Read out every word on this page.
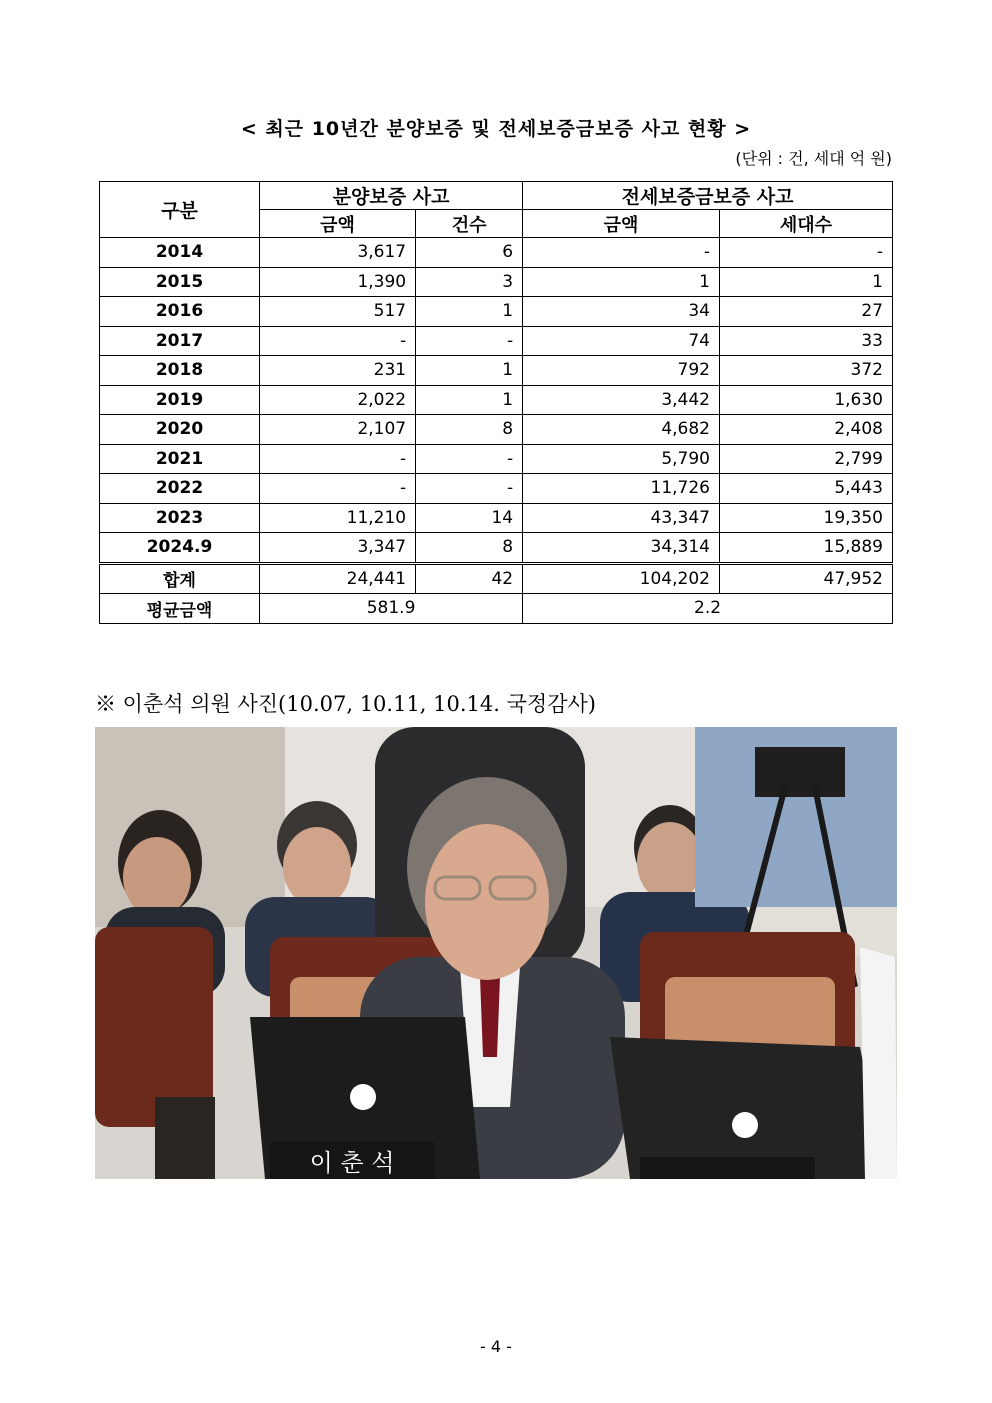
< 최근 10년간 분양보증 및 전세보증금보증 사고 현황 >
(단위 : 건, 세대 억 원)
구분	분양보증 사고		전세보증금보증 사고	
	금액	건수	금액	세대수
2014	3,617	6	-	-
2015	1,390	3	1	1
2016	517	1	34	27
2017	-	-	74	33
2018	231	1	792	372
2019	2,022	1	3,442	1,630
2020	2,107	8	4,682	2,408
2021	-	-	5,790	2,799
2022	-	-	11,726	5,443
2023	11,210	14	43,347	19,350
2024.9	3,347	8	34,314	15,889
합계	24,441	42	104,202	47,952
평균금액	581.9		2.2	
※ 이춘석 의원 사진(10.07, 10.11, 10.14. 국정감사)
이 춘 석
- 4 -
